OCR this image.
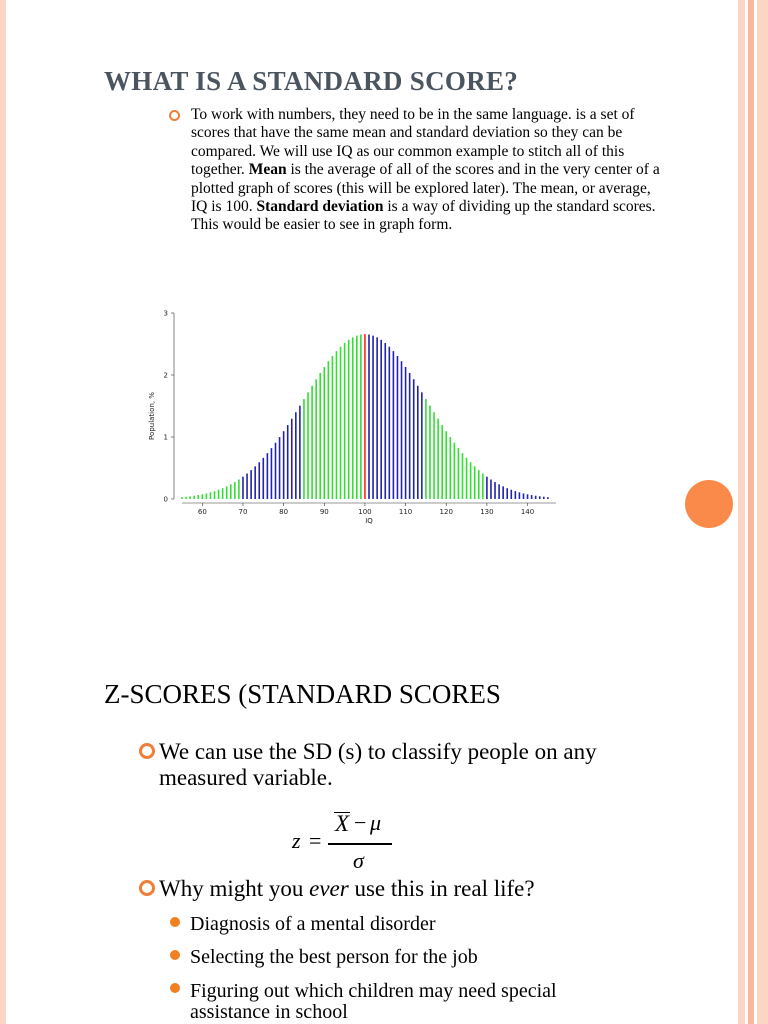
WHAT IS A STANDARD SCORE?

To work with numbers, they need to be in the same language. is a set of scores that have the same mean and standard deviation so they can be compared. We will use IQ as our common example to stitch all of this together. Mean is the average of all of the scores and in the very center of a plotted graph of scores (this will be explored later). The mean, or average, IQ is 100. Standard deviation is a way of dividing up the standard scores. This would be easier to see in graph form.

60	70	80	90	100	110	120	130	140
0
1
2
3
IQ
Population, %
Z-SCORES (STANDARD SCORES

We can use the SD (s) to classify people on any measured variable.

z =
X − μ
σ

Why might you ever use this in real life?

Diagnosis of a mental disorder

Selecting the best person for the job

Figuring out which children may need special assistance in school
